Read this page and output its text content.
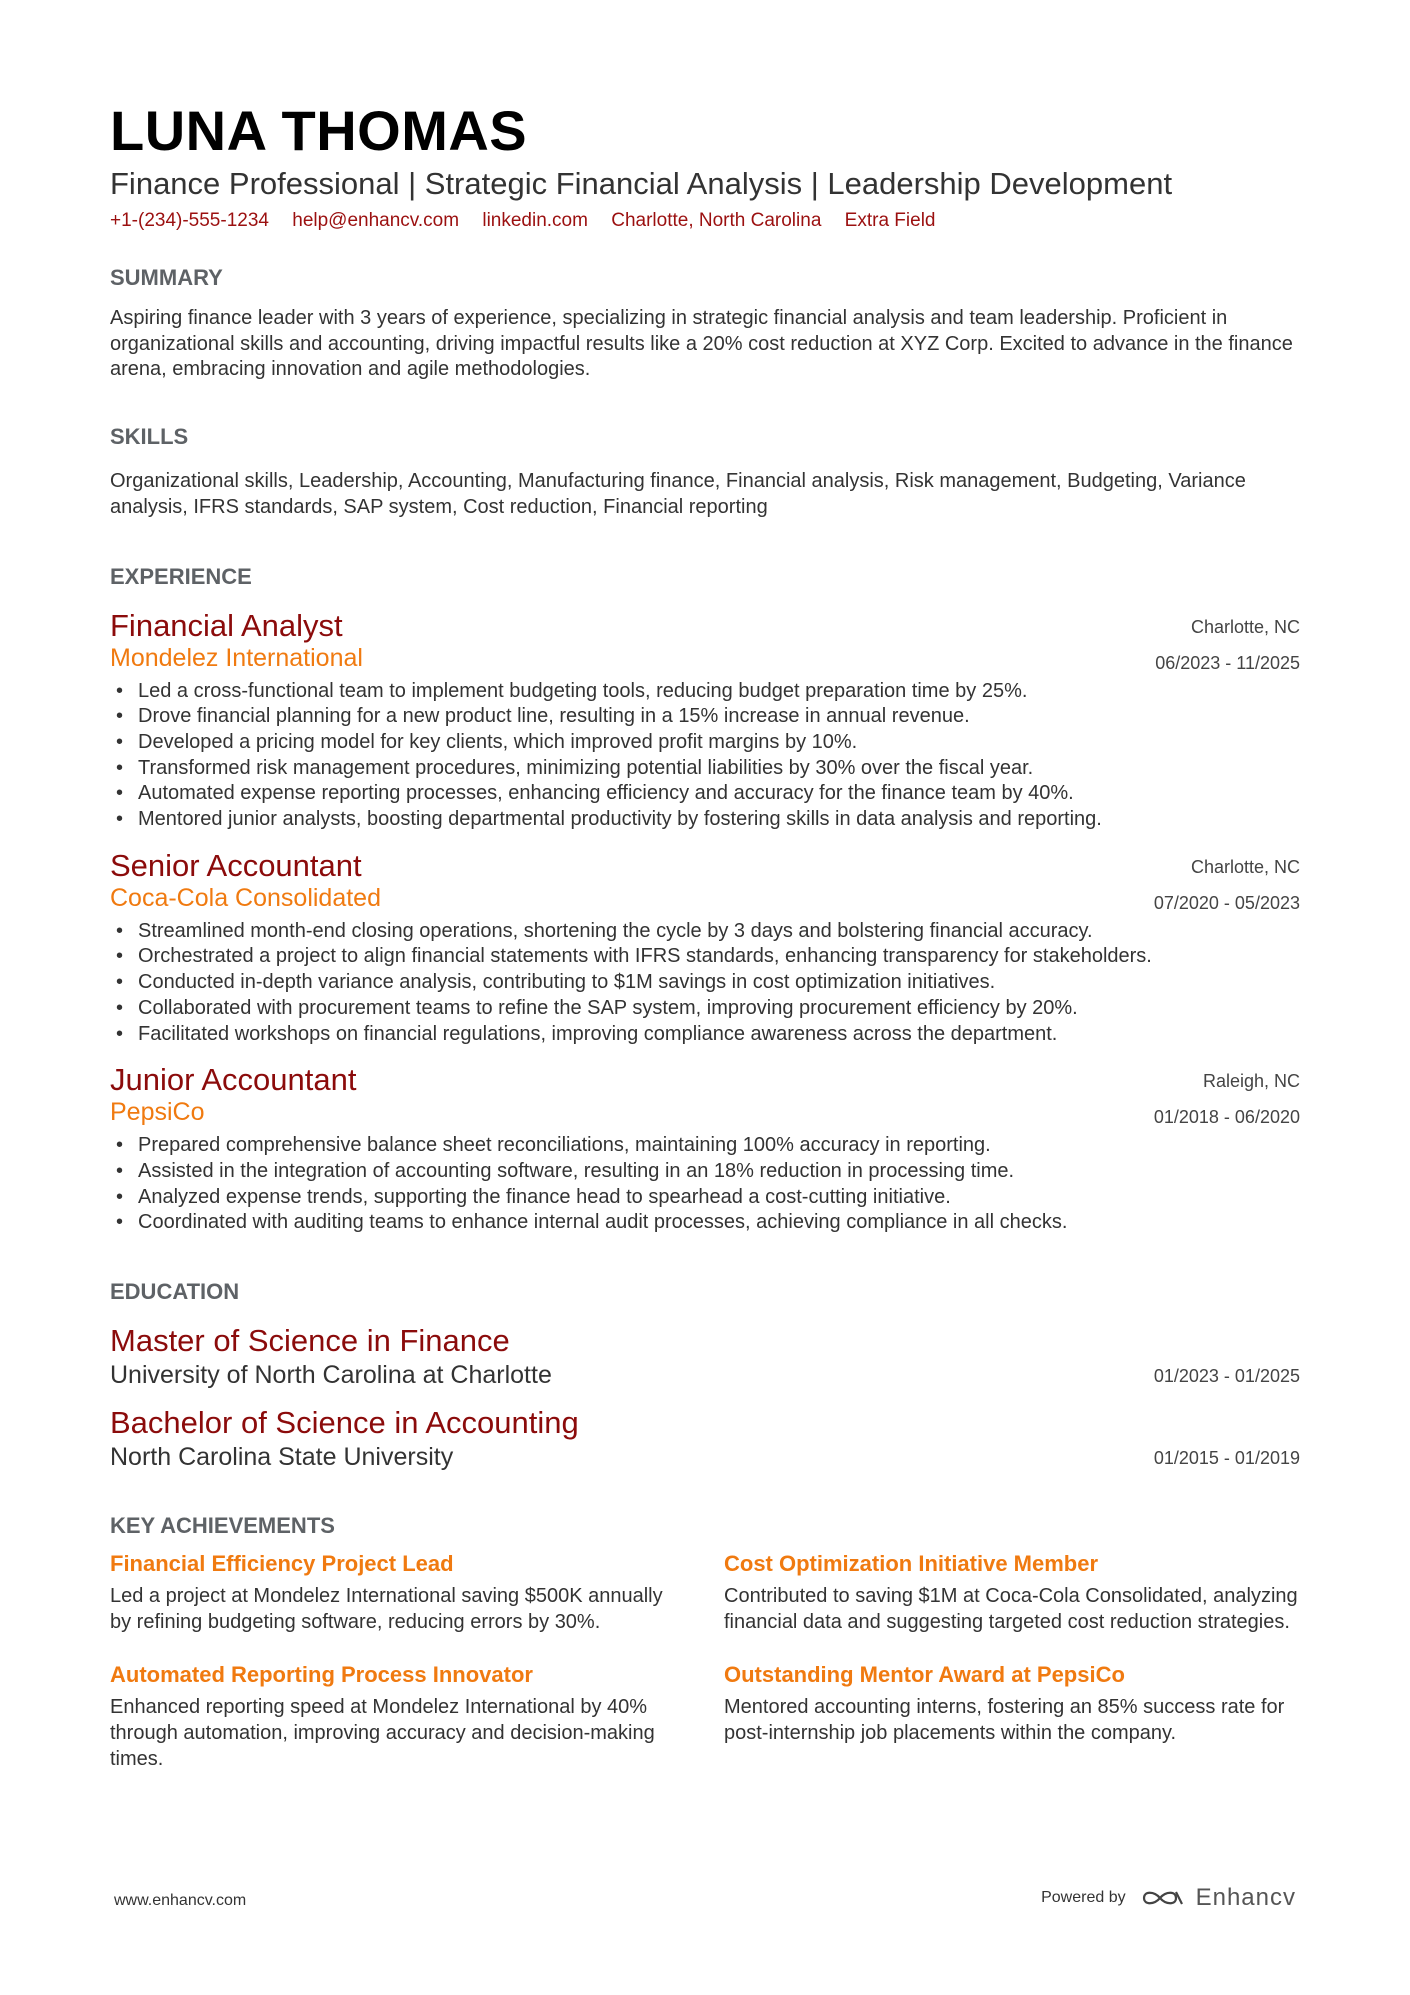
LUNA THOMAS
Finance Professional | Strategic Financial Analysis | Leadership Development
+1-(234)-555-1234 help@enhancv.com linkedin.com Charlotte, North Carolina Extra Field
SUMMARY
Aspiring finance leader with 3 years of experience, specializing in strategic financial analysis and team leadership. Proficient in organizational skills and accounting, driving impactful results like a 20% cost reduction at XYZ Corp. Excited to advance in the finance arena, embracing innovation and agile methodologies.
SKILLS
Organizational skills, Leadership, Accounting, Manufacturing finance, Financial analysis, Risk management, Budgeting, Variance analysis, IFRS standards, SAP system, Cost reduction, Financial reporting
EXPERIENCE
Financial Analyst
Mondelez International
Charlotte, NC
06/2023 - 11/2025
• Led a cross-functional team to implement budgeting tools, reducing budget preparation time by 25%.
• Drove financial planning for a new product line, resulting in a 15% increase in annual revenue.
• Developed a pricing model for key clients, which improved profit margins by 10%.
• Transformed risk management procedures, minimizing potential liabilities by 30% over the fiscal year.
• Automated expense reporting processes, enhancing efficiency and accuracy for the finance team by 40%.
• Mentored junior analysts, boosting departmental productivity by fostering skills in data analysis and reporting.
Senior Accountant
Coca-Cola Consolidated
Charlotte, NC
07/2020 - 05/2023
• Streamlined month-end closing operations, shortening the cycle by 3 days and bolstering financial accuracy.
• Orchestrated a project to align financial statements with IFRS standards, enhancing transparency for stakeholders.
• Conducted in-depth variance analysis, contributing to $1M savings in cost optimization initiatives.
• Collaborated with procurement teams to refine the SAP system, improving procurement efficiency by 20%.
• Facilitated workshops on financial regulations, improving compliance awareness across the department.
Junior Accountant
PepsiCo
Raleigh, NC
01/2018 - 06/2020
• Prepared comprehensive balance sheet reconciliations, maintaining 100% accuracy in reporting.
• Assisted in the integration of accounting software, resulting in an 18% reduction in processing time.
• Analyzed expense trends, supporting the finance head to spearhead a cost-cutting initiative.
• Coordinated with auditing teams to enhance internal audit processes, achieving compliance in all checks.
EDUCATION
Master of Science in Finance
University of North Carolina at Charlotte	01/2023 - 01/2025
Bachelor of Science in Accounting
North Carolina State University	01/2015 - 01/2019
KEY ACHIEVEMENTS
Financial Efficiency Project Lead
Led a project at Mondelez International saving $500K annually by refining budgeting software, reducing errors by 30%.
Cost Optimization Initiative Member
Contributed to saving $1M at Coca-Cola Consolidated, analyzing financial data and suggesting targeted cost reduction strategies.
Automated Reporting Process Innovator
Enhanced reporting speed at Mondelez International by 40% through automation, improving accuracy and decision-making times.
Outstanding Mentor Award at PepsiCo
Mentored accounting interns, fostering an 85% success rate for post-internship job placements within the company.
www.enhancv.com	Powered by	Enhancv
